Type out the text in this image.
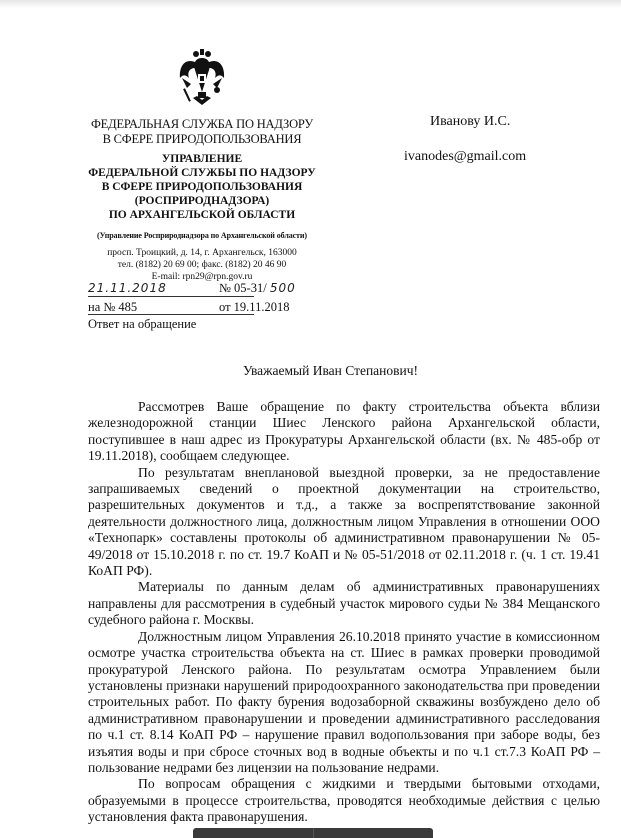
ФЕДЕРАЛЬНАЯ СЛУЖБА ПО НАДЗОРУ
В СФЕРЕ ПРИРОДОПОЛЬЗОВАНИЯ
УПРАВЛЕНИЕ
ФЕДЕРАЛЬНОЙ СЛУЖБЫ ПО НАДЗОРУ
В СФЕРЕ ПРИРОДОПОЛЬЗОВАНИЯ
(РОСПРИРОДНАДЗОРА)
ПО АРХАНГЕЛЬСКОЙ ОБЛАСТИ
(Управление Росприроднадзора по Архангельской области)
просп. Троицкий, д. 14, г. Архангельск, 163000
тел. (8182) 20 69 00; факс. (8182) 20 46 90
E-mail: rpn29@rpn.gov.ru
21.11.2018	№ 05-31/ 500
на № 485	от 19.11.2018
Ответ на обращение
Иванову И.С.
ivanodes@gmail.com
Уважаемый Иван Степанович!

Рассмотрев Ваше обращение по факту строительства объекта вблизи железнодорожной станции Шиес Ленского района Архангельской области, поступившее в наш адрес из Прокуратуры Архангельской области (вх. № 485-обр от 19.11.2018), сообщаем следующее.

По результатам внеплановой выездной проверки, за не предоставление запрашиваемых сведений о проектной документации на строительство, разрешительных документов и т.д., а также за воспрепятствование законной деятельности должностного лица, должностным лицом Управления в отношении ООО «Технопарк» составлены протоколы об административном правонарушении № 05-49/2018 от 15.10.2018 г. по ст. 19.7 КоАП и № 05-51/2018 от 02.11.2018 г. (ч. 1 ст. 19.41 КоАП РФ).

Материалы по данным делам об административных правонарушениях направлены для рассмотрения в судебный участок мирового судьи № 384 Мещанского судебного района г. Москвы.

Должностным лицом Управления 26.10.2018 принято участие в комиссионном осмотре участка строительства объекта на ст. Шиес в рамках проверки проводимой прокуратурой Ленского района. По результатам осмотра Управлением были установлены признаки нарушений природоохранного законодательства при проведении строительных работ. По факту бурения водозаборной скважины возбуждено дело об административном правонарушении и проведении административного расследования по ч.1 ст. 8.14 КоАП РФ – нарушение правил водопользования при заборе воды, без изъятия воды и при сбросе сточных вод в водные объекты и по ч.1 ст.7.3 КоАП РФ – пользование недрами без лицензии на пользование недрами.

По вопросам обращения с жидкими и твердыми бытовыми отходами, образуемыми в процессе строительства, проводятся необходимые действия с целью установления факта правонарушения.
